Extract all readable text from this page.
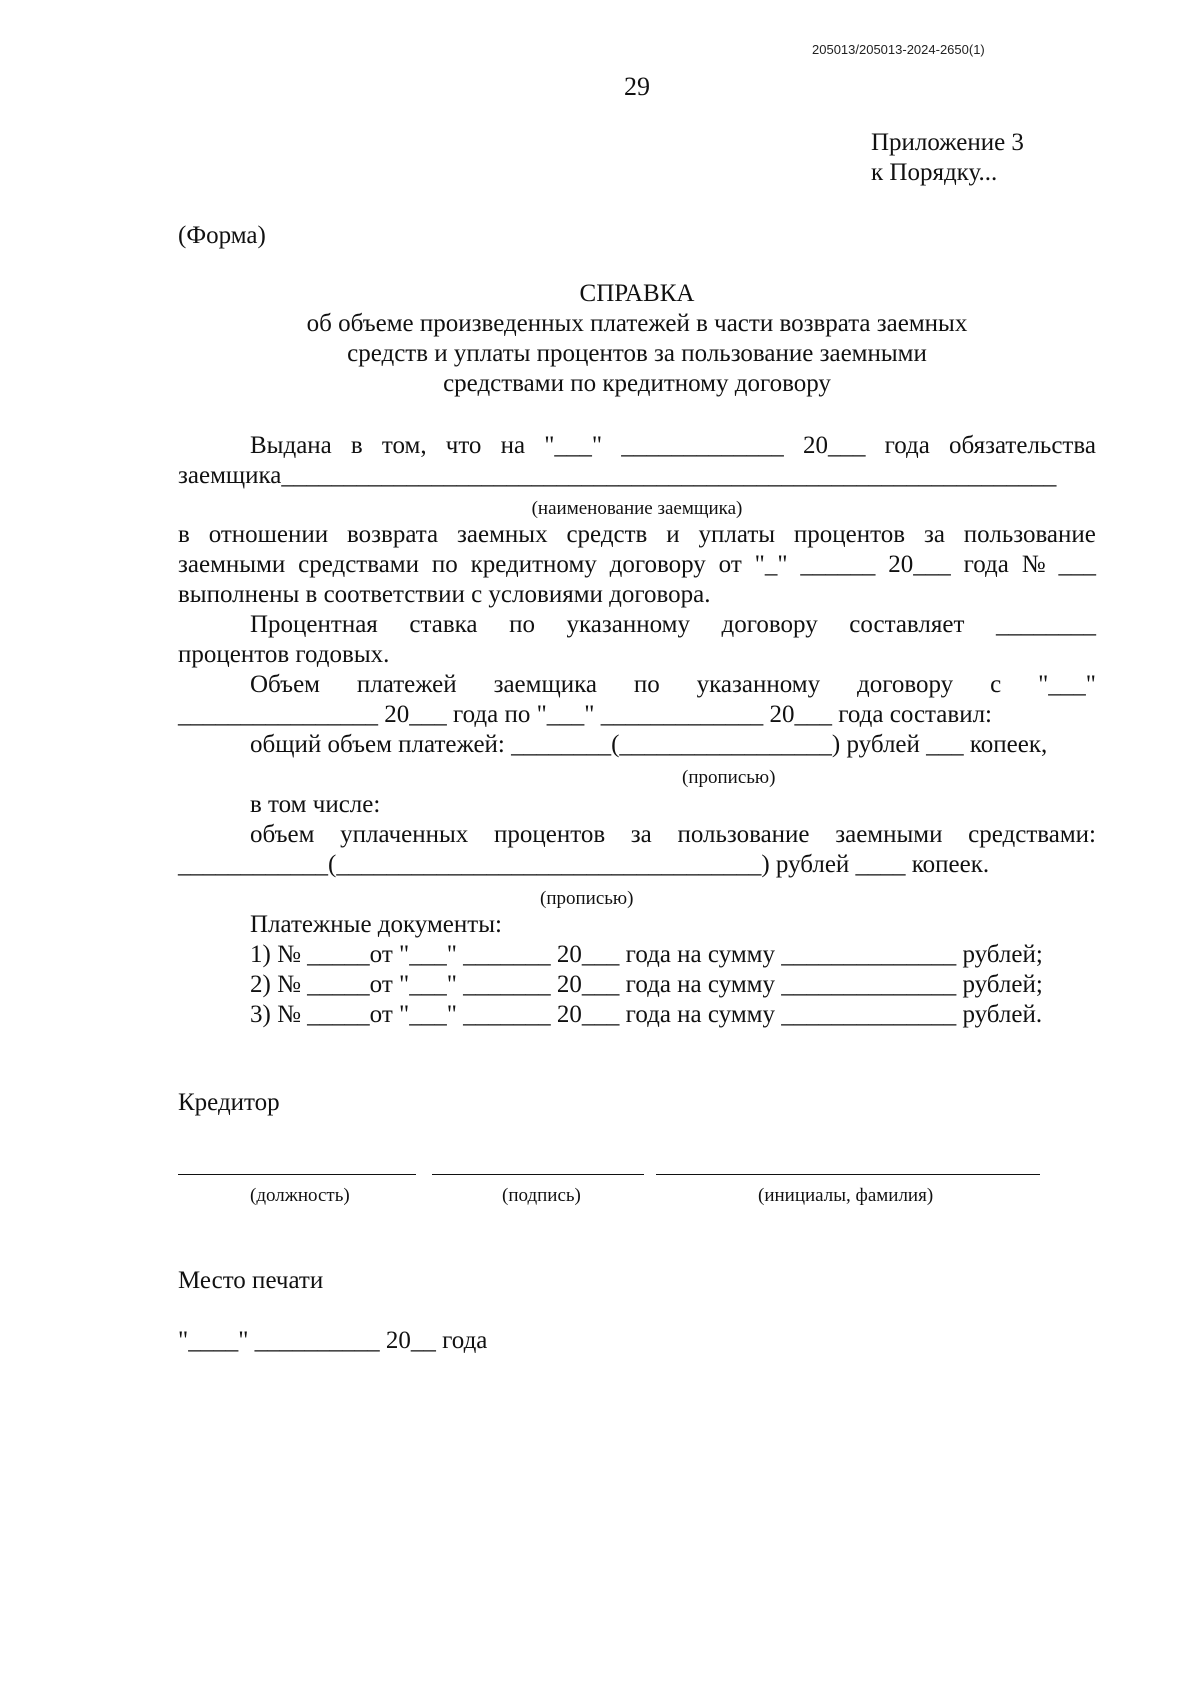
205013/205013-2024-2650(1)
29
Приложение 3
к Порядку...
(Форма)
СПРАВКА
об объеме произведенных платежей в части возврата заемных
средств и уплаты процентов за пользование заемными
средствами по кредитному договору
Выдана в том, что на "___" _____________ 20___ года обязательства
заемщика______________________________________________________________
(наименование заемщика)
в отношении возврата заемных средств и уплаты процентов за пользование
заемными средствами по кредитному договору от "_" ______ 20___ года № ___
выполнены в соответствии с условиями договора.
Процентная ставка по указанному договору составляет ________
процентов годовых.
Объем платежей заемщика по указанному договору с "___"
________________ 20___ года по "___" _____________ 20___ года составил:
общий объем платежей: ________(_________________) рублей ___ копеек,
(прописью)
в том числе:
объем уплаченных процентов за пользование заемными средствами:
____________(__________________________________) рублей ____ копеек.
(прописью)
Платежные документы:
1) № _____от "___" _______ 20___ года на сумму ______________ рублей;
2) № _____от "___" _______ 20___ года на сумму ______________ рублей;
3) № _____от "___" _______ 20___ года на сумму ______________ рублей.
Кредитор
(должность)	(подпись)	(инициалы, фамилия)
Место печати
"____" __________ 20__ года
